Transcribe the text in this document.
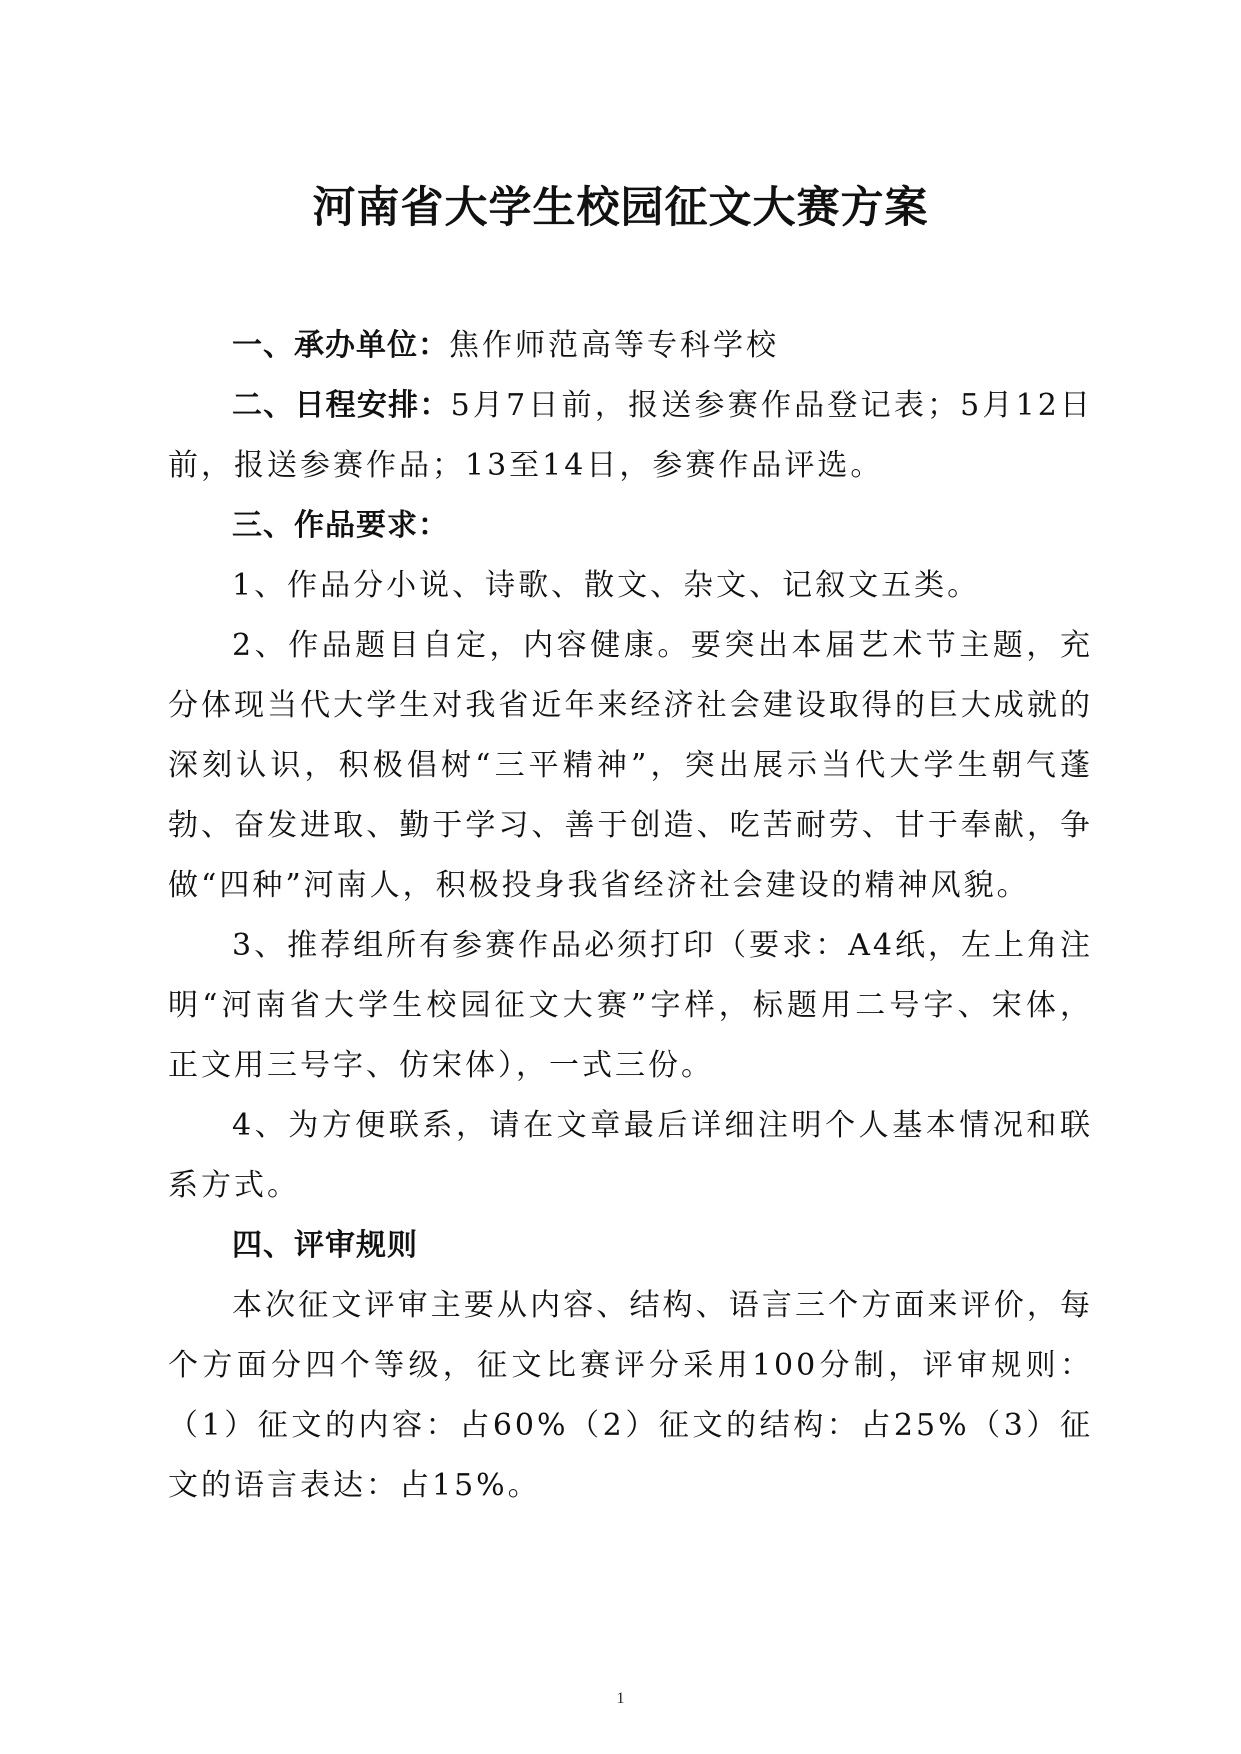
河南省大学生校园征文大赛方案

一、承办单位：焦作师范高等专科学校

二、日程安排：5月7日前，报送参赛作品登记表；5月12日前，报送参赛作品；13至14日，参赛作品评选。

三、作品要求：

1、作品分小说、诗歌、散文、杂文、记叙文五类。

2、作品题目自定，内容健康。要突出本届艺术节主题，充分体现当代大学生对我省近年来经济社会建设取得的巨大成就的深刻认识，积极倡树“三平精神”，突出展示当代大学生朝气蓬勃、奋发进取、勤于学习、善于创造、吃苦耐劳、甘于奉献，争做“四种”河南人，积极投身我省经济社会建设的精神风貌。

3、推荐组所有参赛作品必须打印（要求：A4纸，左上角注明“河南省大学生校园征文大赛”字样，标题用二号字、宋体，正文用三号字、仿宋体），一式三份。

4、为方便联系，请在文章最后详细注明个人基本情况和联系方式。

四、评审规则

本次征文评审主要从内容、结构、语言三个方面来评价，每个方面分四个等级，征文比赛评分采用100分制，评审规则：（1）征文的内容：占60%（2）征文的结构：占25%（3）征文的语言表达：占15%。

1
